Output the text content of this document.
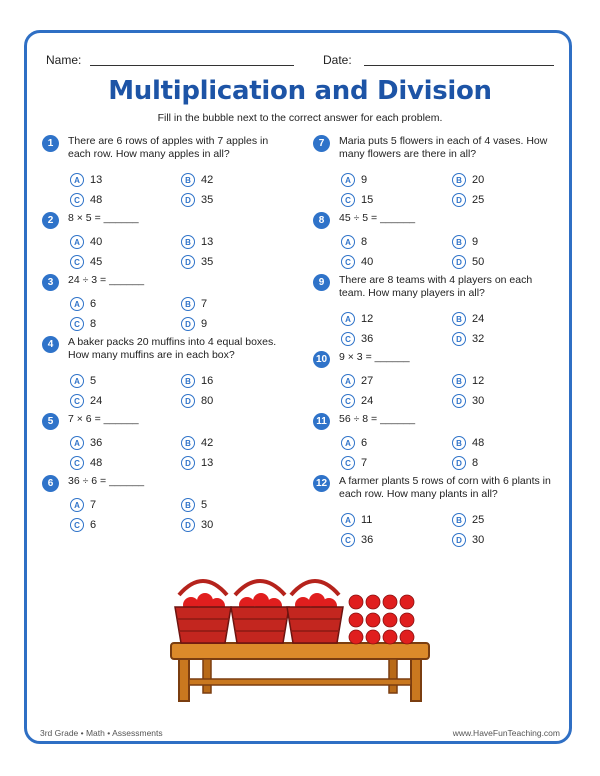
Name:	Date:
Multiplication and Division
Fill in the bubble next to the correct answer for each problem.
1	There are 6 rows of apples with 7 apples in each row. How many apples in all?
A 13	B 42
C 48	D 35
2	8 × 5 = ______
A 40	B 13
C 45	D 35
3	24 ÷ 3 = ______
A 6	B 7
C 8	D 9
4	A baker packs 20 muffins into 4 equal boxes. How many muffins are in each box?
A 5	B 16
C 24	D 80
5	7 × 6 = ______
A 36	B 42
C 48	D 13
6	36 ÷ 6 = ______
A 7	B 5
C 6	D 30
7	Maria puts 5 flowers in each of 4 vases. How many flowers are there in all?
A 9	B 20
C 15	D 25
8	45 ÷ 5 = ______
A 8	B 9
C 40	D 50
9	There are 8 teams with 4 players on each team. How many players in all?
A 12	B 24
C 36	D 32
10 9 × 3 = ______
A 27	B 12
C 24	D 30
11	56 ÷ 8 = ______
A 6	B 48
C 7	D 8
12 A farmer plants 5 rows of corn with 6 plants in each row. How many plants in all?
A 11	B 25
C 36	D 30
3rd Grade • Math • Assessments	www.HaveFunTeaching.com
